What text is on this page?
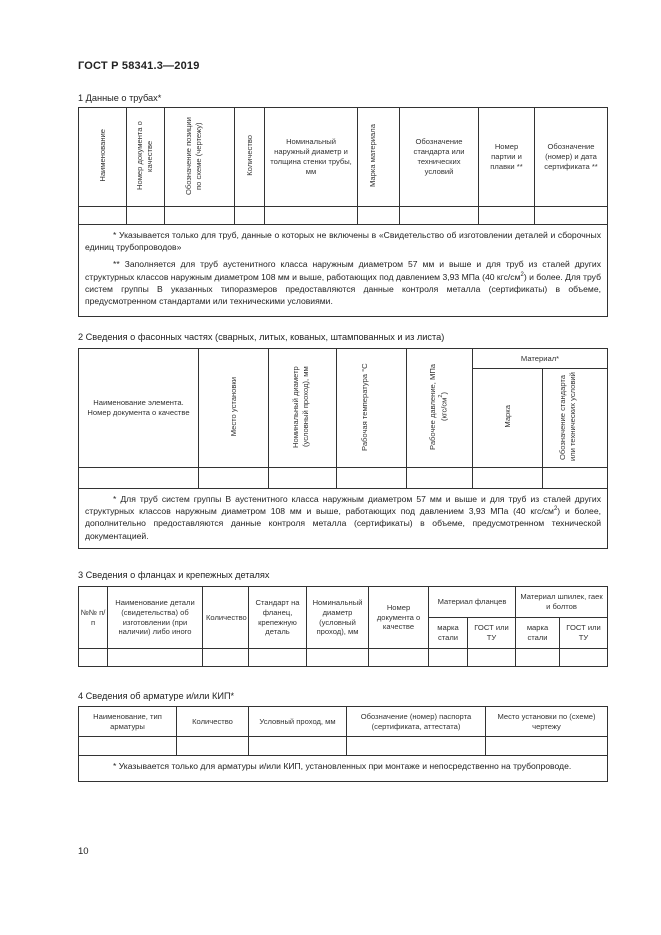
ГОСТ Р 58341.3—2019
1 Данные о трубах*
Наименование	Номер документа о качестве	Обозначение позиции по схеме (чертежу)	Количество	Номинальный наружный диаметр и толщина стенки трубы, мм	Марка материала	Обозначение стандарта или технических условий	Номер партии и плавки **	Обозначение (номер) и дата сертификата **

* Указывается только для труб, данные о которых не включены в «Свидетельство об изготовлении деталей и сборочных единиц трубопроводов»

** Заполняется для труб аустенитного класса наружным диаметром 57 мм и выше и для труб из сталей других структурных классов наружным диаметром 108 мм и выше, работающих под давлением 3,93 МПа (40 кгс/$см^2$) и более. Для труб систем группы В указанных типоразмеров предоставляются данные контроля металла (сертификаты) в объеме, предусмотренном стандартами или техническими условиями.								

2 Сведения о фасонных частях (сварных, литых, кованых, штампованных и из листа)
Наименование элемента. Номер документа о качестве	Место установки	Номинальный диаметр (условный проход), мм	Рабочая температура °С	Рабочее давление, МПа $(кгс/см^2)$	Материал*	
					Марка	Обозначение стандарта или технических условий

* Для труб систем группы В аустенитного класса наружным диаметром 57 мм и выше и для труб из сталей других структурных классов наружным диаметром 108 мм и выше, работающих под давлением 3,93 МПа (40 кгс/$см^2$) и более, дополнительно предоставляются данные контроля металла (сертификаты) в объеме, предусмотренном технической документацией.						

3 Сведения о фланцах и крепежных деталях
№№ п/п	Наименование детали (свидетельства) об изготовлении (при наличии) либо иного	Количество	Стандарт на фланец, крепежную деталь	Номинальный диаметр (условный проход), мм	Номер документа о качестве	Материал фланцев		Материал шпилек, гаек и болтов	
						марка стали	ГОСТ или ТУ	марка стали	ГОСТ или ТУ

4 Сведения об арматуре и/или КИП*
Наименование, тип арматуры	Количество	Условный проход, мм	Обозначение (номер) паспорта (сертификата, аттестата)	Место установки по (схеме) чертежу

* Указывается только для арматуры и/или КИП, установленных при монтаже и непосредственно на трубопроводе.				

10
